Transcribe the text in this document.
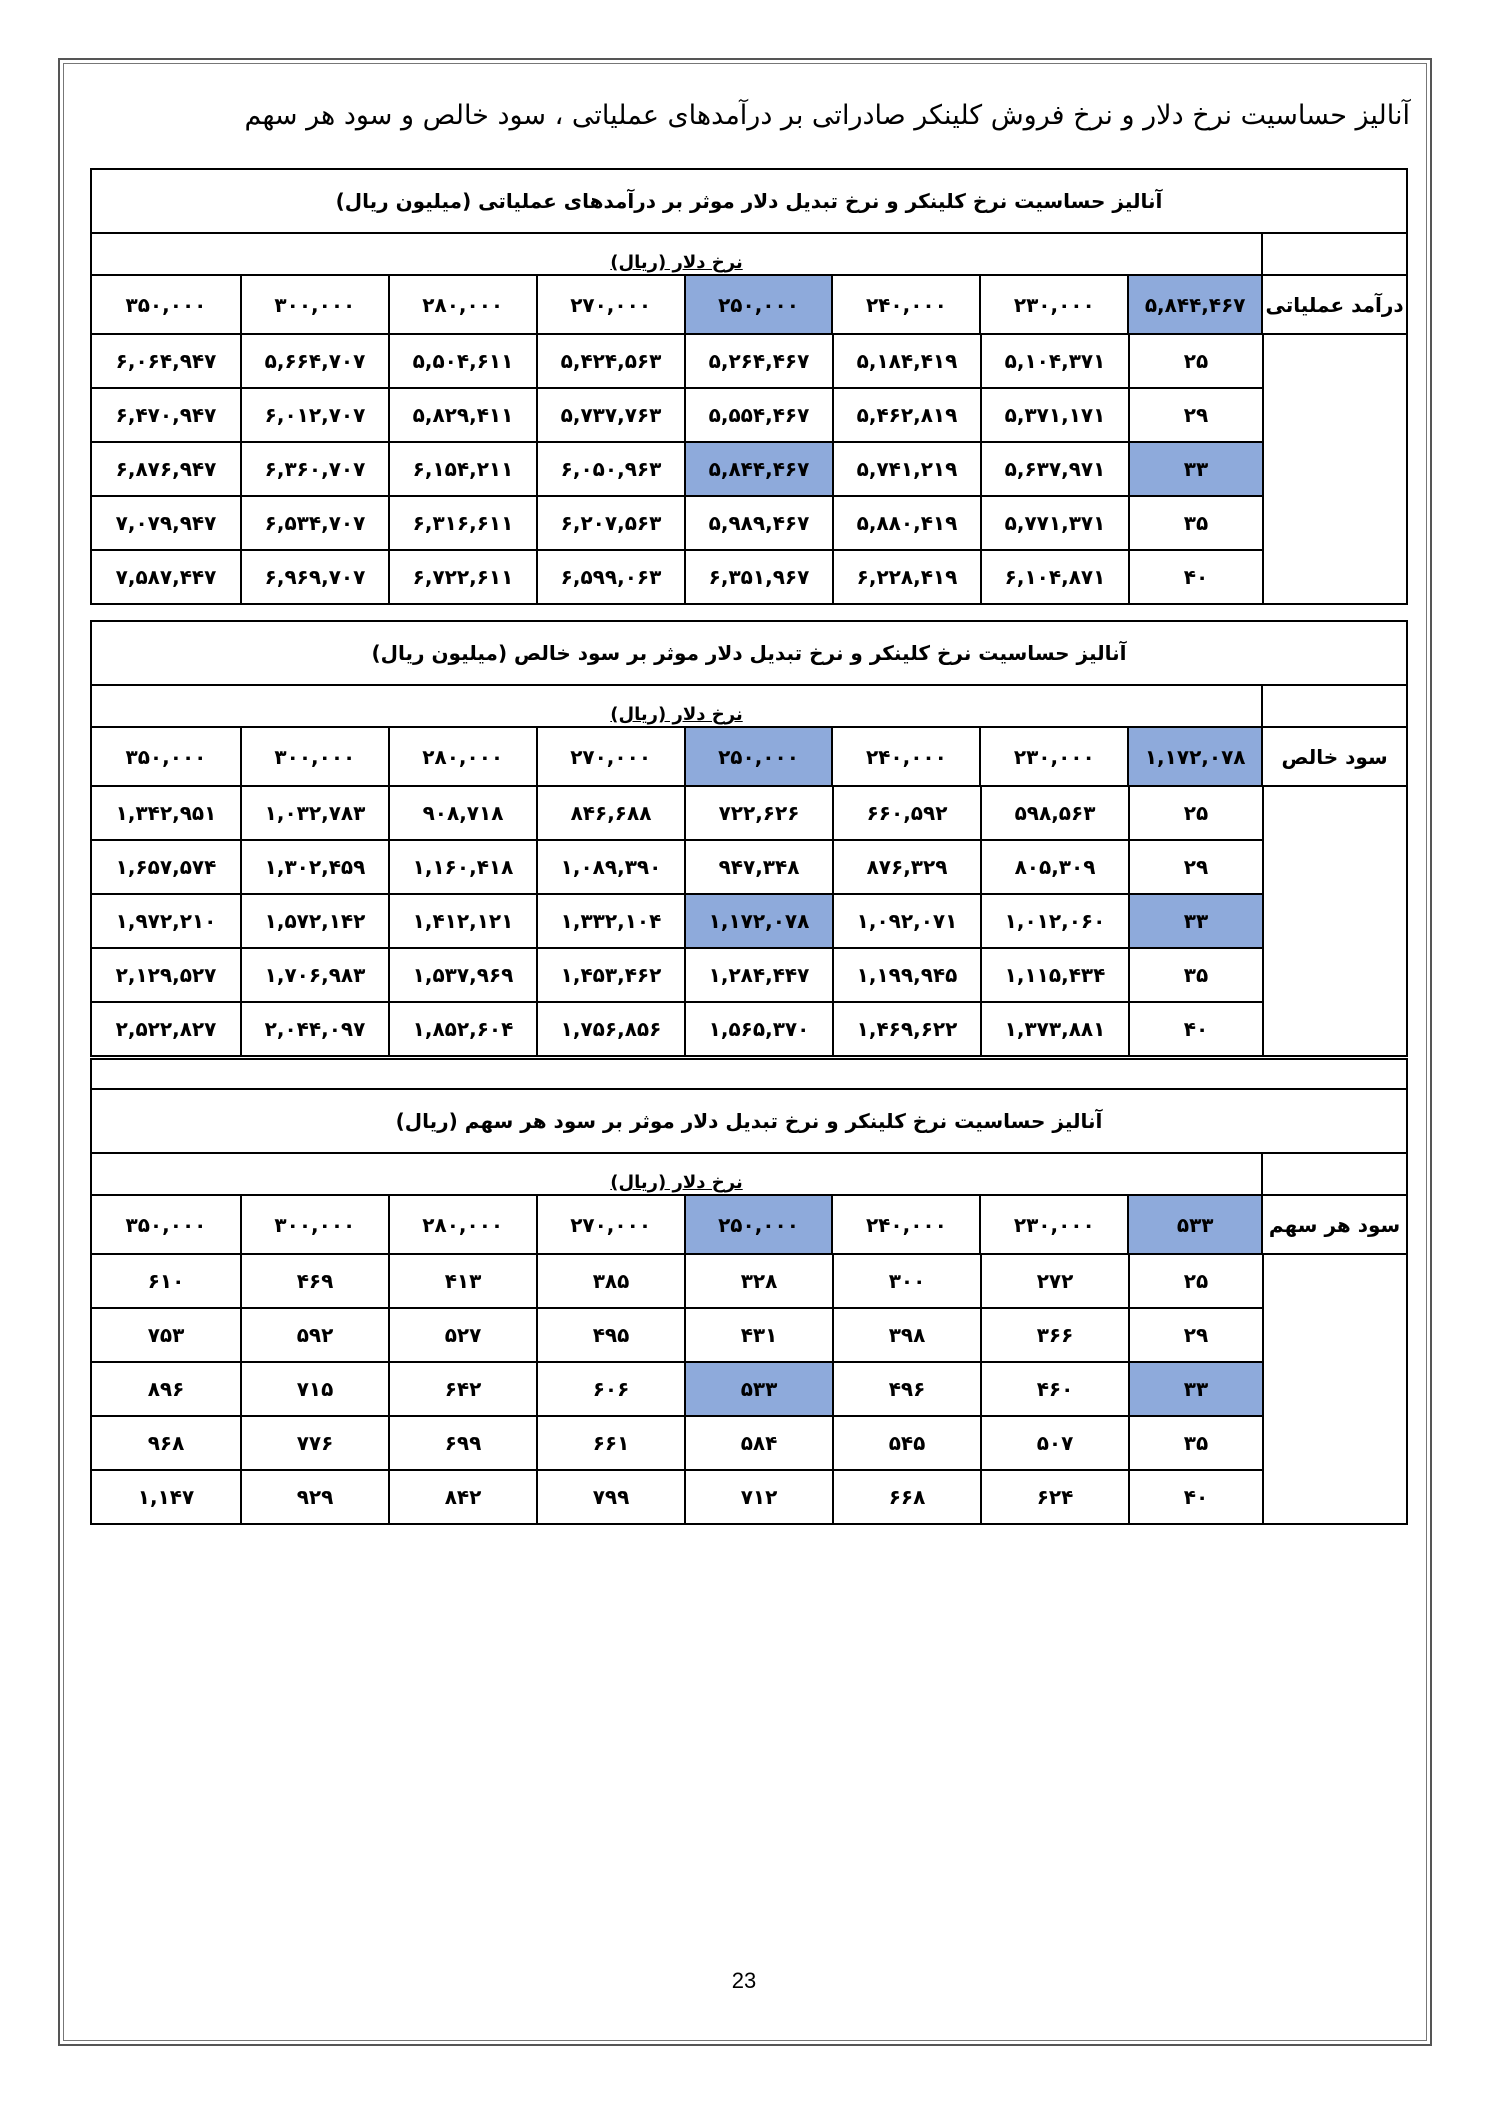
آنالیز حساسیت نرخ دلار و نرخ فروش کلینکر صادراتی بر درآمدهای عملیاتی ، سود خالص و سود هر سهم
آنالیز حساسیت نرخ کلینکر و نرخ تبدیل دلار موثر بر درآمدهای عملیاتی (میلیون ریال)
نرخ دلار (ریال)
درآمد عملیاتی
۵,۸۴۴,۴۶۷
۲۳۰,۰۰۰
۲۴۰,۰۰۰
۲۵۰,۰۰۰
۲۷۰,۰۰۰
۲۸۰,۰۰۰
۳۰۰,۰۰۰
۳۵۰,۰۰۰
۲۵
۵,۱۰۴,۳۷۱
۵,۱۸۴,۴۱۹
۵,۲۶۴,۴۶۷
۵,۴۲۴,۵۶۳
۵,۵۰۴,۶۱۱
۵,۶۶۴,۷۰۷
۶,۰۶۴,۹۴۷
۲۹
۵,۳۷۱,۱۷۱
۵,۴۶۲,۸۱۹
۵,۵۵۴,۴۶۷
۵,۷۳۷,۷۶۳
۵,۸۲۹,۴۱۱
۶,۰۱۲,۷۰۷
۶,۴۷۰,۹۴۷
۳۳
۵,۶۳۷,۹۷۱
۵,۷۴۱,۲۱۹
۵,۸۴۴,۴۶۷
۶,۰۵۰,۹۶۳
۶,۱۵۴,۲۱۱
۶,۳۶۰,۷۰۷
۶,۸۷۶,۹۴۷
۳۵
۵,۷۷۱,۳۷۱
۵,۸۸۰,۴۱۹
۵,۹۸۹,۴۶۷
۶,۲۰۷,۵۶۳
۶,۳۱۶,۶۱۱
۶,۵۳۴,۷۰۷
۷,۰۷۹,۹۴۷
۴۰
۶,۱۰۴,۸۷۱
۶,۲۲۸,۴۱۹
۶,۳۵۱,۹۶۷
۶,۵۹۹,۰۶۳
۶,۷۲۲,۶۱۱
۶,۹۶۹,۷۰۷
۷,۵۸۷,۴۴۷
آنالیز حساسیت نرخ کلینکر و نرخ تبدیل دلار موثر بر سود خالص (میلیون ریال)
نرخ دلار (ریال)
سود خالص
۱,۱۷۲,۰۷۸
۲۳۰,۰۰۰
۲۴۰,۰۰۰
۲۵۰,۰۰۰
۲۷۰,۰۰۰
۲۸۰,۰۰۰
۳۰۰,۰۰۰
۳۵۰,۰۰۰
۲۵
۵۹۸,۵۶۳
۶۶۰,۵۹۲
۷۲۲,۶۲۶
۸۴۶,۶۸۸
۹۰۸,۷۱۸
۱,۰۳۲,۷۸۳
۱,۳۴۲,۹۵۱
۲۹
۸۰۵,۳۰۹
۸۷۶,۳۲۹
۹۴۷,۳۴۸
۱,۰۸۹,۳۹۰
۱,۱۶۰,۴۱۸
۱,۳۰۲,۴۵۹
۱,۶۵۷,۵۷۴
۳۳
۱,۰۱۲,۰۶۰
۱,۰۹۲,۰۷۱
۱,۱۷۲,۰۷۸
۱,۳۳۲,۱۰۴
۱,۴۱۲,۱۲۱
۱,۵۷۲,۱۴۲
۱,۹۷۲,۲۱۰
۳۵
۱,۱۱۵,۴۳۴
۱,۱۹۹,۹۴۵
۱,۲۸۴,۴۴۷
۱,۴۵۳,۴۶۲
۱,۵۳۷,۹۶۹
۱,۷۰۶,۹۸۳
۲,۱۲۹,۵۲۷
۴۰
۱,۳۷۳,۸۸۱
۱,۴۶۹,۶۲۲
۱,۵۶۵,۳۷۰
۱,۷۵۶,۸۵۶
۱,۸۵۲,۶۰۴
۲,۰۴۴,۰۹۷
۲,۵۲۲,۸۲۷
آنالیز حساسیت نرخ کلینکر و نرخ تبدیل دلار موثر بر سود هر سهم (ریال)
نرخ دلار (ریال)
سود هر سهم
۵۳۳
۲۳۰,۰۰۰
۲۴۰,۰۰۰
۲۵۰,۰۰۰
۲۷۰,۰۰۰
۲۸۰,۰۰۰
۳۰۰,۰۰۰
۳۵۰,۰۰۰
۲۵
۲۷۲
۳۰۰
۳۲۸
۳۸۵
۴۱۳
۴۶۹
۶۱۰
۲۹
۳۶۶
۳۹۸
۴۳۱
۴۹۵
۵۲۷
۵۹۲
۷۵۳
۳۳
۴۶۰
۴۹۶
۵۳۳
۶۰۶
۶۴۲
۷۱۵
۸۹۶
۳۵
۵۰۷
۵۴۵
۵۸۴
۶۶۱
۶۹۹
۷۷۶
۹۶۸
۴۰
۶۲۴
۶۶۸
۷۱۲
۷۹۹
۸۴۲
۹۲۹
۱,۱۴۷
23
